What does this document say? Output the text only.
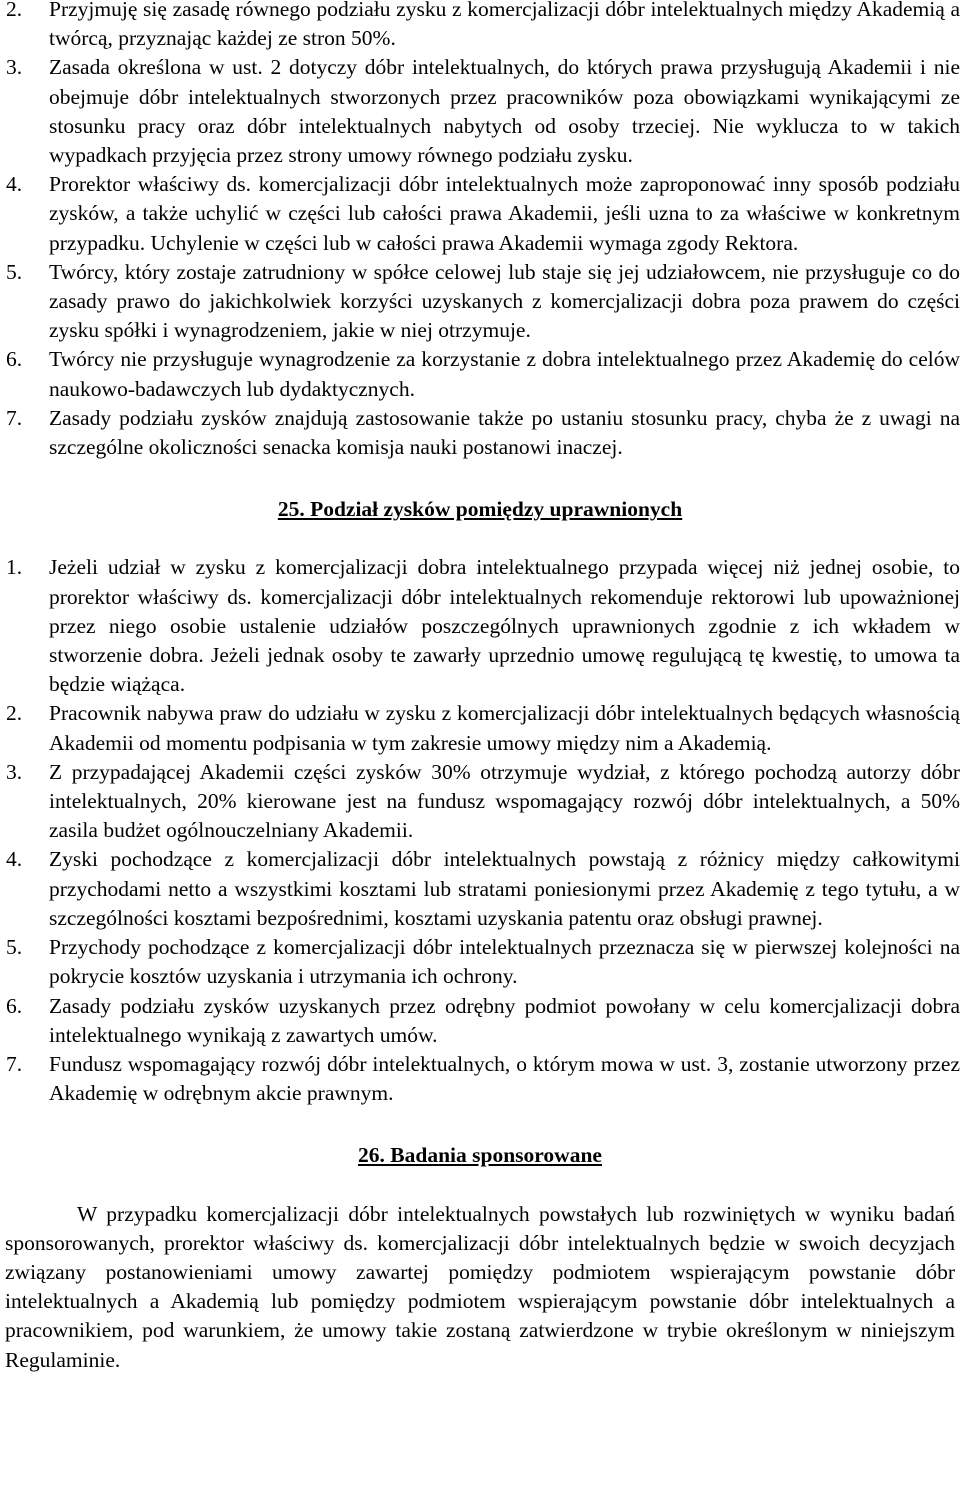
2. Przyjmuję się zasadę równego podziału zysku z komercjalizacji dóbr intelektualnych między Akademią a twórcą, przyznając każdej ze stron 50%.
3. Zasada określona w ust. 2 dotyczy dóbr intelektualnych, do których prawa przysługują Akademii i nie obejmuje dóbr intelektualnych stworzonych przez pracowników poza obowiązkami wynikającymi ze stosunku pracy oraz dóbr intelektualnych nabytych od osoby trzeciej. Nie wyklucza to w takich wypadkach przyjęcia przez strony umowy równego podziału zysku.
4. Prorektor właściwy ds. komercjalizacji dóbr intelektualnych może zaproponować inny sposób podziału zysków, a także uchylić w części lub całości prawa Akademii, jeśli uzna to za właściwe w konkretnym przypadku. Uchylenie w części lub w całości prawa Akademii wymaga zgody Rektora.
5. Twórcy, który zostaje zatrudniony w spółce celowej lub staje się jej udziałowcem, nie przysługuje co do zasady prawo do jakichkolwiek korzyści uzyskanych z komercjalizacji dobra poza prawem do części zysku spółki i wynagrodzeniem, jakie w niej otrzymuje.
6. Twórcy nie przysługuje wynagrodzenie za korzystanie z dobra intelektualnego przez Akademię do celów naukowo-badawczych lub dydaktycznych.
7. Zasady podziału zysków znajdują zastosowanie także po ustaniu stosunku pracy, chyba że z uwagi na szczególne okoliczności senacka komisja nauki postanowi inaczej.
25. Podział zysków pomiędzy uprawnionych
1. Jeżeli udział w zysku z komercjalizacji dobra intelektualnego przypada więcej niż jednej osobie, to prorektor właściwy ds. komercjalizacji dóbr intelektualnych rekomenduje rektorowi lub upoważnionej przez niego osobie ustalenie udziałów poszczególnych uprawnionych zgodnie z ich wkładem w stworzenie dobra. Jeżeli jednak osoby te zawarły uprzednio umowę regulującą tę kwestię, to umowa ta będzie wiążąca.
2. Pracownik nabywa praw do udziału w zysku z komercjalizacji dóbr intelektualnych będących własnością Akademii od momentu podpisania w tym zakresie umowy między nim a Akademią.
3. Z przypadającej Akademii części zysków 30% otrzymuje wydział, z którego pochodzą autorzy dóbr intelektualnych, 20% kierowane jest na fundusz wspomagający rozwój dóbr intelektualnych, a 50% zasila budżet ogólnouczelniany Akademii.
4. Zyski pochodzące z komercjalizacji dóbr intelektualnych powstają z różnicy między całkowitymi przychodami netto a wszystkimi kosztami lub stratami poniesionymi przez Akademię z tego tytułu, a w szczególności kosztami bezpośrednimi, kosztami uzyskania patentu oraz obsługi prawnej.
5. Przychody pochodzące z komercjalizacji dóbr intelektualnych przeznacza się w pierwszej kolejności na pokrycie kosztów uzyskania i utrzymania ich ochrony.
6. Zasady podziału zysków uzyskanych przez odrębny podmiot powołany w celu komercjalizacji dobra intelektualnego wynikają z zawartych umów.
7. Fundusz wspomagający rozwój dóbr intelektualnych, o którym mowa w ust. 3, zostanie utworzony przez Akademię w odrębnym akcie prawnym.
26. Badania sponsorowane

W przypadku komercjalizacji dóbr intelektualnych powstałych lub rozwiniętych w wyniku badań sponsorowanych, prorektor właściwy ds. komercjalizacji dóbr intelektualnych będzie w swoich decyzjach związany postanowieniami umowy zawartej pomiędzy podmiotem wspierającym powstanie dóbr intelektualnych a Akademią lub pomiędzy podmiotem wspierającym powstanie dóbr intelektualnych a pracownikiem, pod warunkiem, że umowy takie zostaną zatwierdzone w trybie określonym w niniejszym Regulaminie.
